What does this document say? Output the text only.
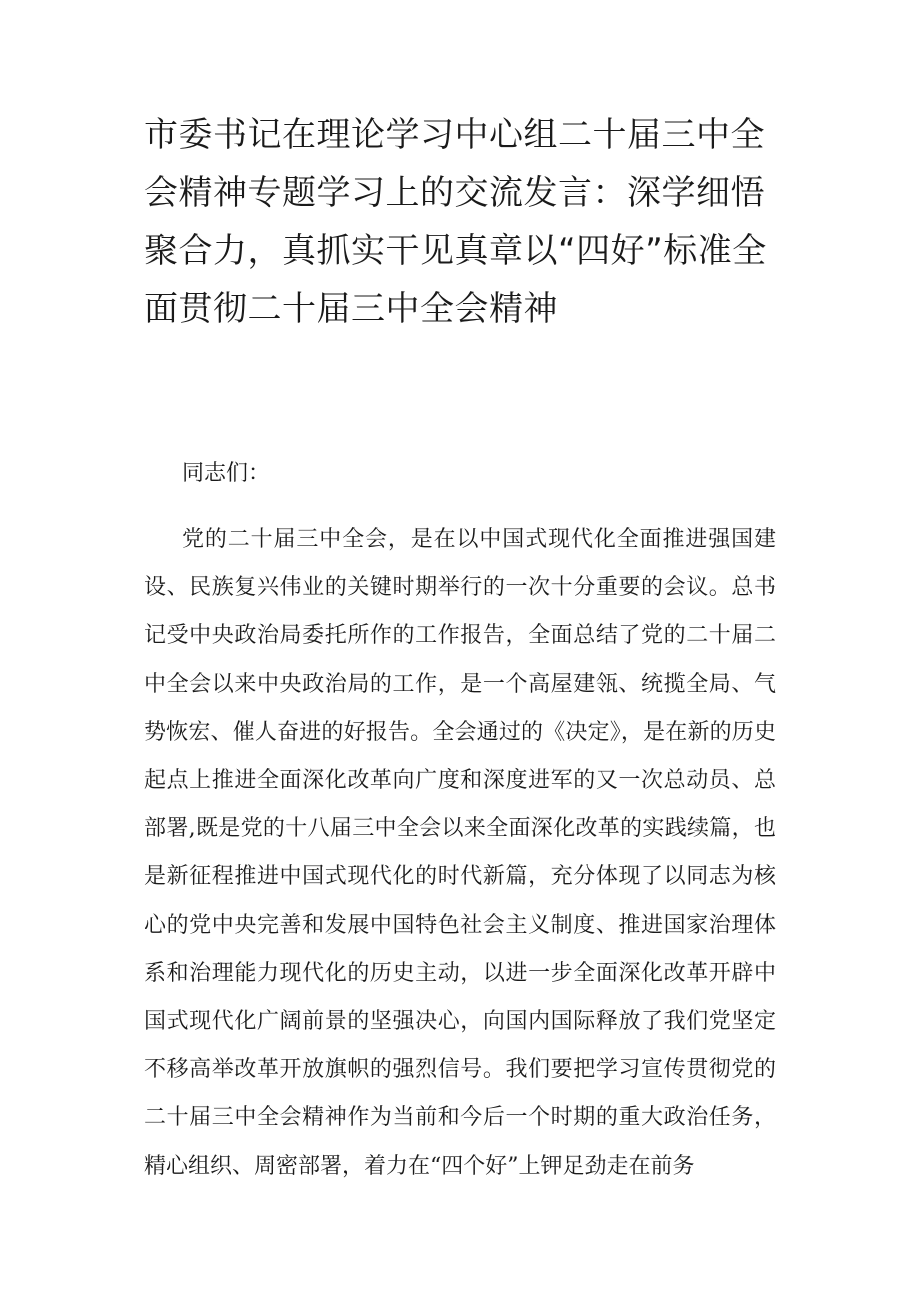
市委书记在理论学习中心组二十届三中全会精神专题学习上的交流发言：深学细悟聚合力，真抓实干见真章以“四好”标准全面贯彻二十届三中全会精神

同志们：

党的二十届三中全会，是在以中国式现代化全面推进强国建设、民族复兴伟业的关键时期举行的一次十分重要的会议。总书记受中央政治局委托所作的工作报告，全面总结了党的二十届二中全会以来中央政治局的工作，是一个高屋建瓴、统揽全局、气势恢宏、催人奋进的好报告。全会通过的《决定》，是在新的历史起点上推进全面深化改革向广度和深度进军的又一次总动员、总部署,既是党的十八届三中全会以来全面深化改革的实践续篇，也是新征程推进中国式现代化的时代新篇，充分体现了以同志为核心的党中央完善和发展中国特色社会主义制度、推进国家治理体系和治理能力现代化的历史主动，以进一步全面深化改革开辟中国式现代化广阔前景的坚强决心，向国内国际释放了我们党坚定不移高举改革开放旗帜的强烈信号。我们要把学习宣传贯彻党的二十届三中全会精神作为当前和今后一个时期的重大政治任务，精心组织、周密部署，着力在“四个好”上钾足劲走在前务
